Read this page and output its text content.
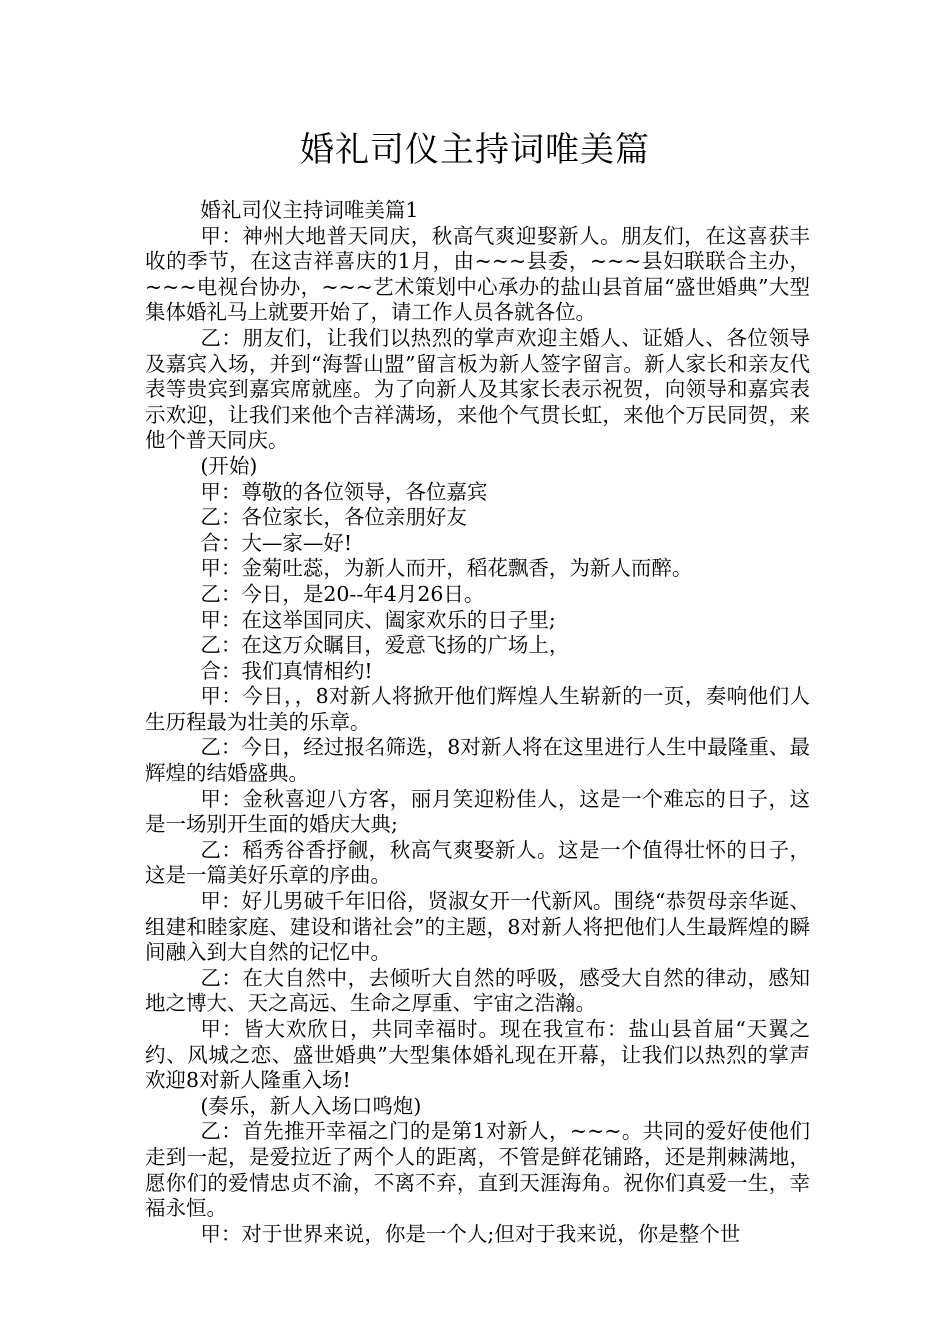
婚礼司仪主持词唯美篇

婚礼司仪主持词唯美篇1

甲：神州大地普天同庆，秋高气爽迎娶新人。朋友们，在这喜获丰收的季节，在这吉祥喜庆的1月，由~~~县委，~~~县妇联联合主办，~~~电视台协办，~~~艺术策划中心承办的盐山县首届“盛世婚典”大型集体婚礼马上就要开始了，请工作人员各就各位。

乙：朋友们，让我们以热烈的掌声欢迎主婚人、证婚人、各位领导及嘉宾入场，并到“海誓山盟”留言板为新人签字留言。新人家长和亲友代表等贵宾到嘉宾席就座。为了向新人及其家长表示祝贺，向领导和嘉宾表示欢迎，让我们来他个吉祥满场，来他个气贯长虹，来他个万民同贺，来他个普天同庆。

(开始)

甲：尊敬的各位领导，各位嘉宾

乙：各位家长，各位亲朋好友

合：大—家—好!

甲：金菊吐蕊，为新人而开，稻花飘香，为新人而醉。

乙：今日，是20--年4月26日。

甲：在这举国同庆、阖家欢乐的日子里;

乙：在这万众瞩目，爱意飞扬的广场上，

合：我们真情相约!

甲：今日，，8对新人将掀开他们辉煌人生崭新的一页，奏响他们人生历程最为壮美的乐章。

乙：今日，经过报名筛选，8对新人将在这里进行人生中最隆重、最辉煌的结婚盛典。

甲：金秋喜迎八方客，丽月笑迎粉佳人，这是一个难忘的日子，这是一场别开生面的婚庆大典;

乙：稻秀谷香抒觎，秋高气爽娶新人。这是一个值得壮怀的日子，这是一篇美好乐章的序曲。

甲：好儿男破千年旧俗，贤淑女开一代新风。围绕“恭贺母亲华诞、组建和睦家庭、建设和谐社会”的主题，8对新人将把他们人生最辉煌的瞬间融入到大自然的记忆中。

乙：在大自然中，去倾听大自然的呼吸，感受大自然的律动，感知地之博大、天之高远、生命之厚重、宇宙之浩瀚。

甲：皆大欢欣日，共同幸福时。现在我宣布：盐山县首届“天翼之约、风城之恋、盛世婚典”大型集体婚礼现在开幕，让我们以热烈的掌声欢迎8对新人隆重入场!

(奏乐，新人入场口鸣炮)

乙：首先推开幸福之门的是第1对新人，~~~。共同的爱好使他们走到一起，是爱拉近了两个人的距离，不管是鲜花铺路，还是荆棘满地，愿你们的爱情忠贞不渝，不离不弃，直到天涯海角。祝你们真爱一生，幸福永恒。

甲：对于世界来说，你是一个人;但对于我来说，你是整个世
